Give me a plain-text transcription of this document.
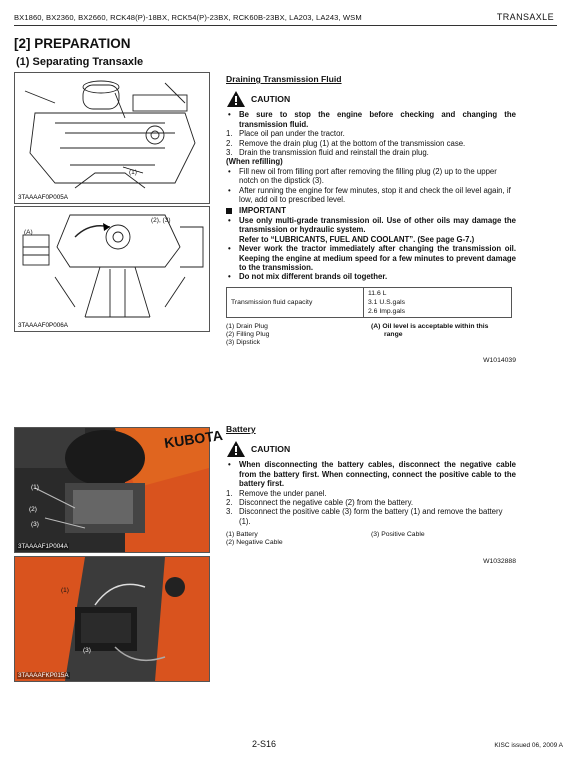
BX1860, BX2360, BX2660, RCK48(P)-18BX, RCK54(P)-23BX, RCK60B-23BX, LA203, LA243, WSM	TRANSAXLE
[2] PREPARATION
(1) Separating Transaxle
(1)
3TAAAAF0P005A
(A)
(2), (3)
3TAAAAF0P006A
KUBOTA
(1)
(2)
(3)
3TAAAAF1P004A
(1)
(3)
3TAAAAFKP015A
Draining Transmission Fluid
CAUTION
• Be sure to stop the engine before checking and changing the transmission fluid.
1. Place oil pan under the tractor.
2. Remove the drain plug (1) at the bottom of the transmission case.
3. Drain the transmission fluid and reinstall the drain plug.
(When refilling)
• Fill new oil from filling port after removing the filling plug (2) up to the upper notch on the dipstick (3).
• After running the engine for few minutes, stop it and check the oil level again, if low, add oil to prescribed level.
IMPORTANT
• Use only multi-grade transmission oil. Use of other oils may damage the transmission or hydraulic system.
Refer to “LUBRICANTS, FUEL AND COOLANT”. (See page G-7.)
• Never work the tractor immediately after changing the transmission oil. Keeping the engine at medium speed for a few minutes to prevent damage to the transmission.
• Do not mix different brands oil together.
Transmission fluid capacity	
11.6 L
3.1 U.S.gals
2.6 Imp.gals
(1) Drain Plug
(2) Filling Plug
(3) Dipstick
(A) Oil level is acceptable within this
range
W1014039
Battery
CAUTION
• When disconnecting the battery cables, disconnect the negative cable from the battery first. When connecting, connect the positive cable to the battery first.
1. Remove the under panel.
2. Disconnect the negative cable (2) from the battery.
3. Disconnect the positive cable (3) form the battery (1) and remove the battery (1).
(1) Battery
(2) Negative Cable
(3) Positive Cable
W1032888
2-S16	KISC issued 06, 2009 A
